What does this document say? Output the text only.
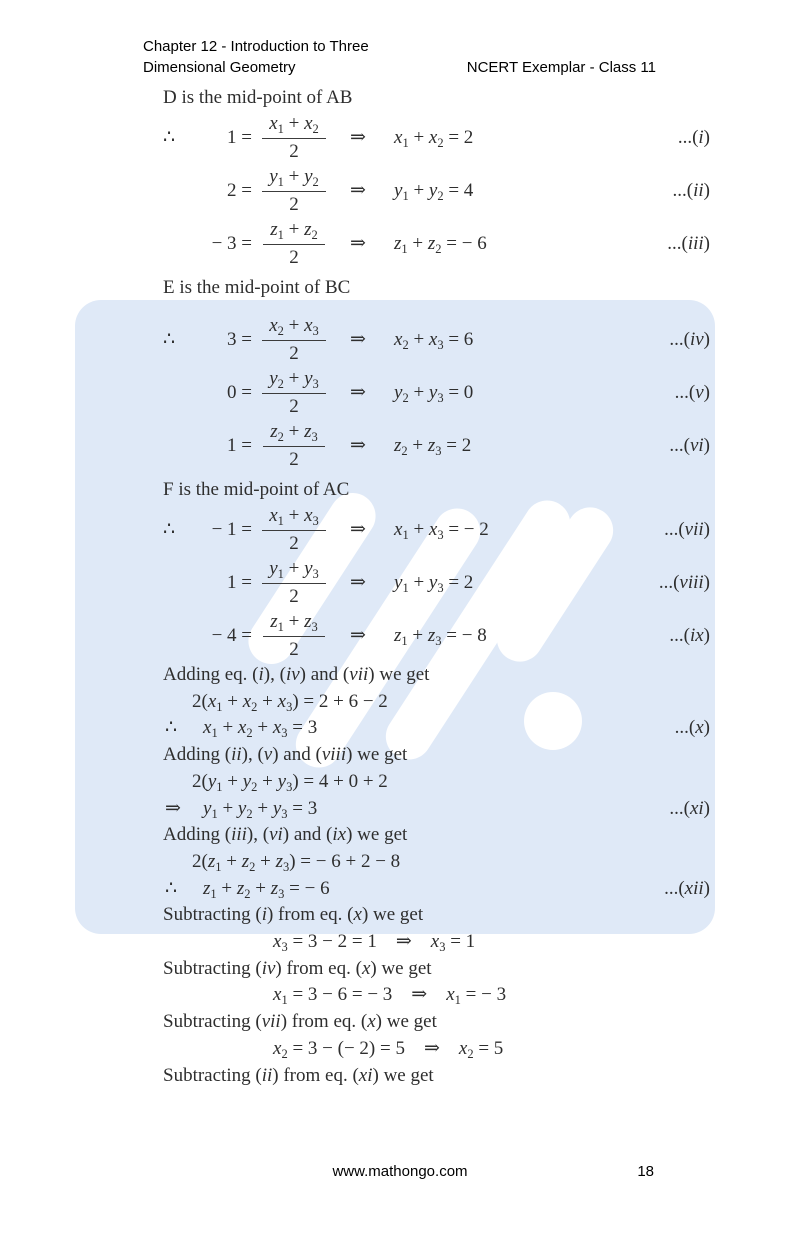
Chapter 12 - Introduction to Three
Dimensional Geometry	NCERT Exemplar - Class 11
D is the mid-point of AB
∴	$1 = \frac{x_1 + x_2}{2}$	⇒	$x_1 + x_2 = 2$	...(i)
$2 = \frac{y_1 + y_2}{2}$	⇒	$y_1 + y_2 = 4$	...(ii)
− $3 = \frac{z_1 + z_2}{2}$	⇒	$z_1 + z_2$ = − 6	...(iii)
E is the mid-point of BC
∴	$3 = \frac{x_2 + x_3}{2}$	⇒	$x_2 + x_3 = 6$	...(iv)
$0 = \frac{y_2 + y_3}{2}$	⇒	$y_2 + y_3 = 0$	...(v)
$1 = \frac{z_2 + z_3}{2}$	⇒	$z_2 + z_3 = 2$	...(vi)
F is the mid-point of AC
∴	− $1 = \frac{x_1 + x_3}{2}$	⇒	$x_1 + x_3$ = − 2	...(vii)
$1 = \frac{y_1 + y_3}{2}$	⇒	$y_1 + y_3 = 2$	...(viii)
− $4 = \frac{z_1 + z_3}{2}$	⇒	$z_1 + z_3$ = − 8	...(ix)
Adding eq. (i), (iv) and (vii) we get
$2(x_1 + x_2 + x_3) = 2 + 6 - 2$
∴ $x_1 + x_2 + x_3 = 3$	...(x)
Adding (ii), (v) and (viii) we get
$2(y_1 + y_2 + y_3) = 4 + 0 + 2$
⇒ $y_1 + y_2 + y_3 = 3$	...(xi)
Adding (iii), (vi) and (ix) we get
$2(z_1 + z_2 + z_3)$ = − 6 + 2 − 8
∴ $z_1 + z_2 + z_3$ = − 6	...(xii)
Subtracting (i) from eq. (x) we get
$x_3 = 3 - 2 = 1$ ⇒ $x_3 = 1$
Subtracting (iv) from eq. (x) we get
$x_1 = 3 - 6$ = − 3 ⇒ $x_1$ = − 3
Subtracting (vii) from eq. (x) we get
$x_2 = 3$ − (− 2) = 5 ⇒ $x_2 = 5$
Subtracting (ii) from eq. (xi) we get
www.mathongo.com	18
